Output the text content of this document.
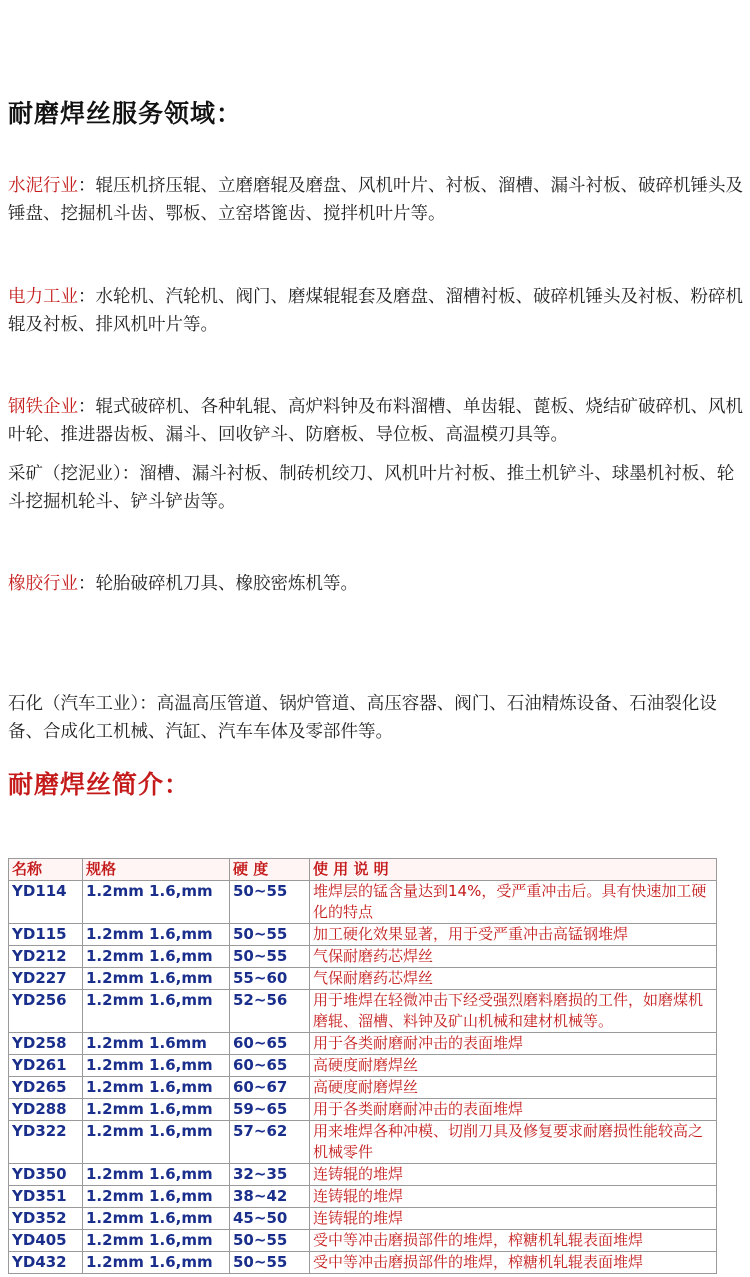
耐磨焊丝服务领域：

水泥行业：辊压机挤压辊、立磨磨辊及磨盘、风机叶片、衬板、溜槽、漏斗衬板、破碎机锤头及锤盘、挖掘机斗齿、鄂板、立窑塔篦齿、搅拌机叶片等。

电力工业：水轮机、汽轮机、阀门、磨煤辊辊套及磨盘、溜槽衬板、破碎机锤头及衬板、粉碎机辊及衬板、排风机叶片等。

钢铁企业：辊式破碎机、各种轧辊、高炉料钟及布料溜槽、单齿辊、蓖板、烧结矿破碎机、风机叶轮、推进器齿板、漏斗、回收铲斗、防磨板、导位板、高温模刃具等。

采矿（挖泥业）：溜槽、漏斗衬板、制砖机绞刀、风机叶片衬板、推土机铲斗、球墨机衬板、轮斗挖掘机轮斗、铲斗铲齿等。

橡胶行业：轮胎破碎机刀具、橡胶密炼机等。

石化（汽车工业）：高温高压管道、锅炉管道、高压容器、阀门、石油精炼设备、石油裂化设备、合成化工机械、汽缸、汽车车体及零部件等。

耐磨焊丝简介：
名称	规格	硬 度	使 用 说 明
YD114	1.2mm 1.6,mm	50~55	堆焊层的锰含量达到14%，受严重冲击后。具有快速加工硬化的特点
YD115	1.2mm 1.6,mm	50~55	加工硬化效果显著，用于受严重冲击高锰钢堆焊
YD212	1.2mm 1.6,mm	50~55	气保耐磨药芯焊丝
YD227	1.2mm 1.6,mm	55~60	气保耐磨药芯焊丝
YD256	1.2mm 1.6,mm	52~56	用于堆焊在轻微冲击下经受强烈磨料磨损的工件，如磨煤机磨辊、溜槽、料钟及矿山机械和建材机械等。
YD258	1.2mm 1.6mm	60~65	用于各类耐磨耐冲击的表面堆焊
YD261	1.2mm 1.6,mm	60~65	高硬度耐磨焊丝
YD265	1.2mm 1.6,mm	60~67	高硬度耐磨焊丝
YD288	1.2mm 1.6,mm	59~65	用于各类耐磨耐冲击的表面堆焊
YD322	1.2mm 1.6,mm	57~62	用来堆焊各种冲模、切削刀具及修复要求耐磨损性能较高之机械零件
YD350	1.2mm 1.6,mm	32~35	连铸辊的堆焊
YD351	1.2mm 1.6,mm	38~42	连铸辊的堆焊
YD352	1.2mm 1.6,mm	45~50	连铸辊的堆焊
YD405	1.2mm 1.6,mm	50~55	受中等冲击磨损部件的堆焊，榨糖机轧辊表面堆焊
YD432	1.2mm 1.6,mm	50~55	受中等冲击磨损部件的堆焊，榨糖机轧辊表面堆焊
